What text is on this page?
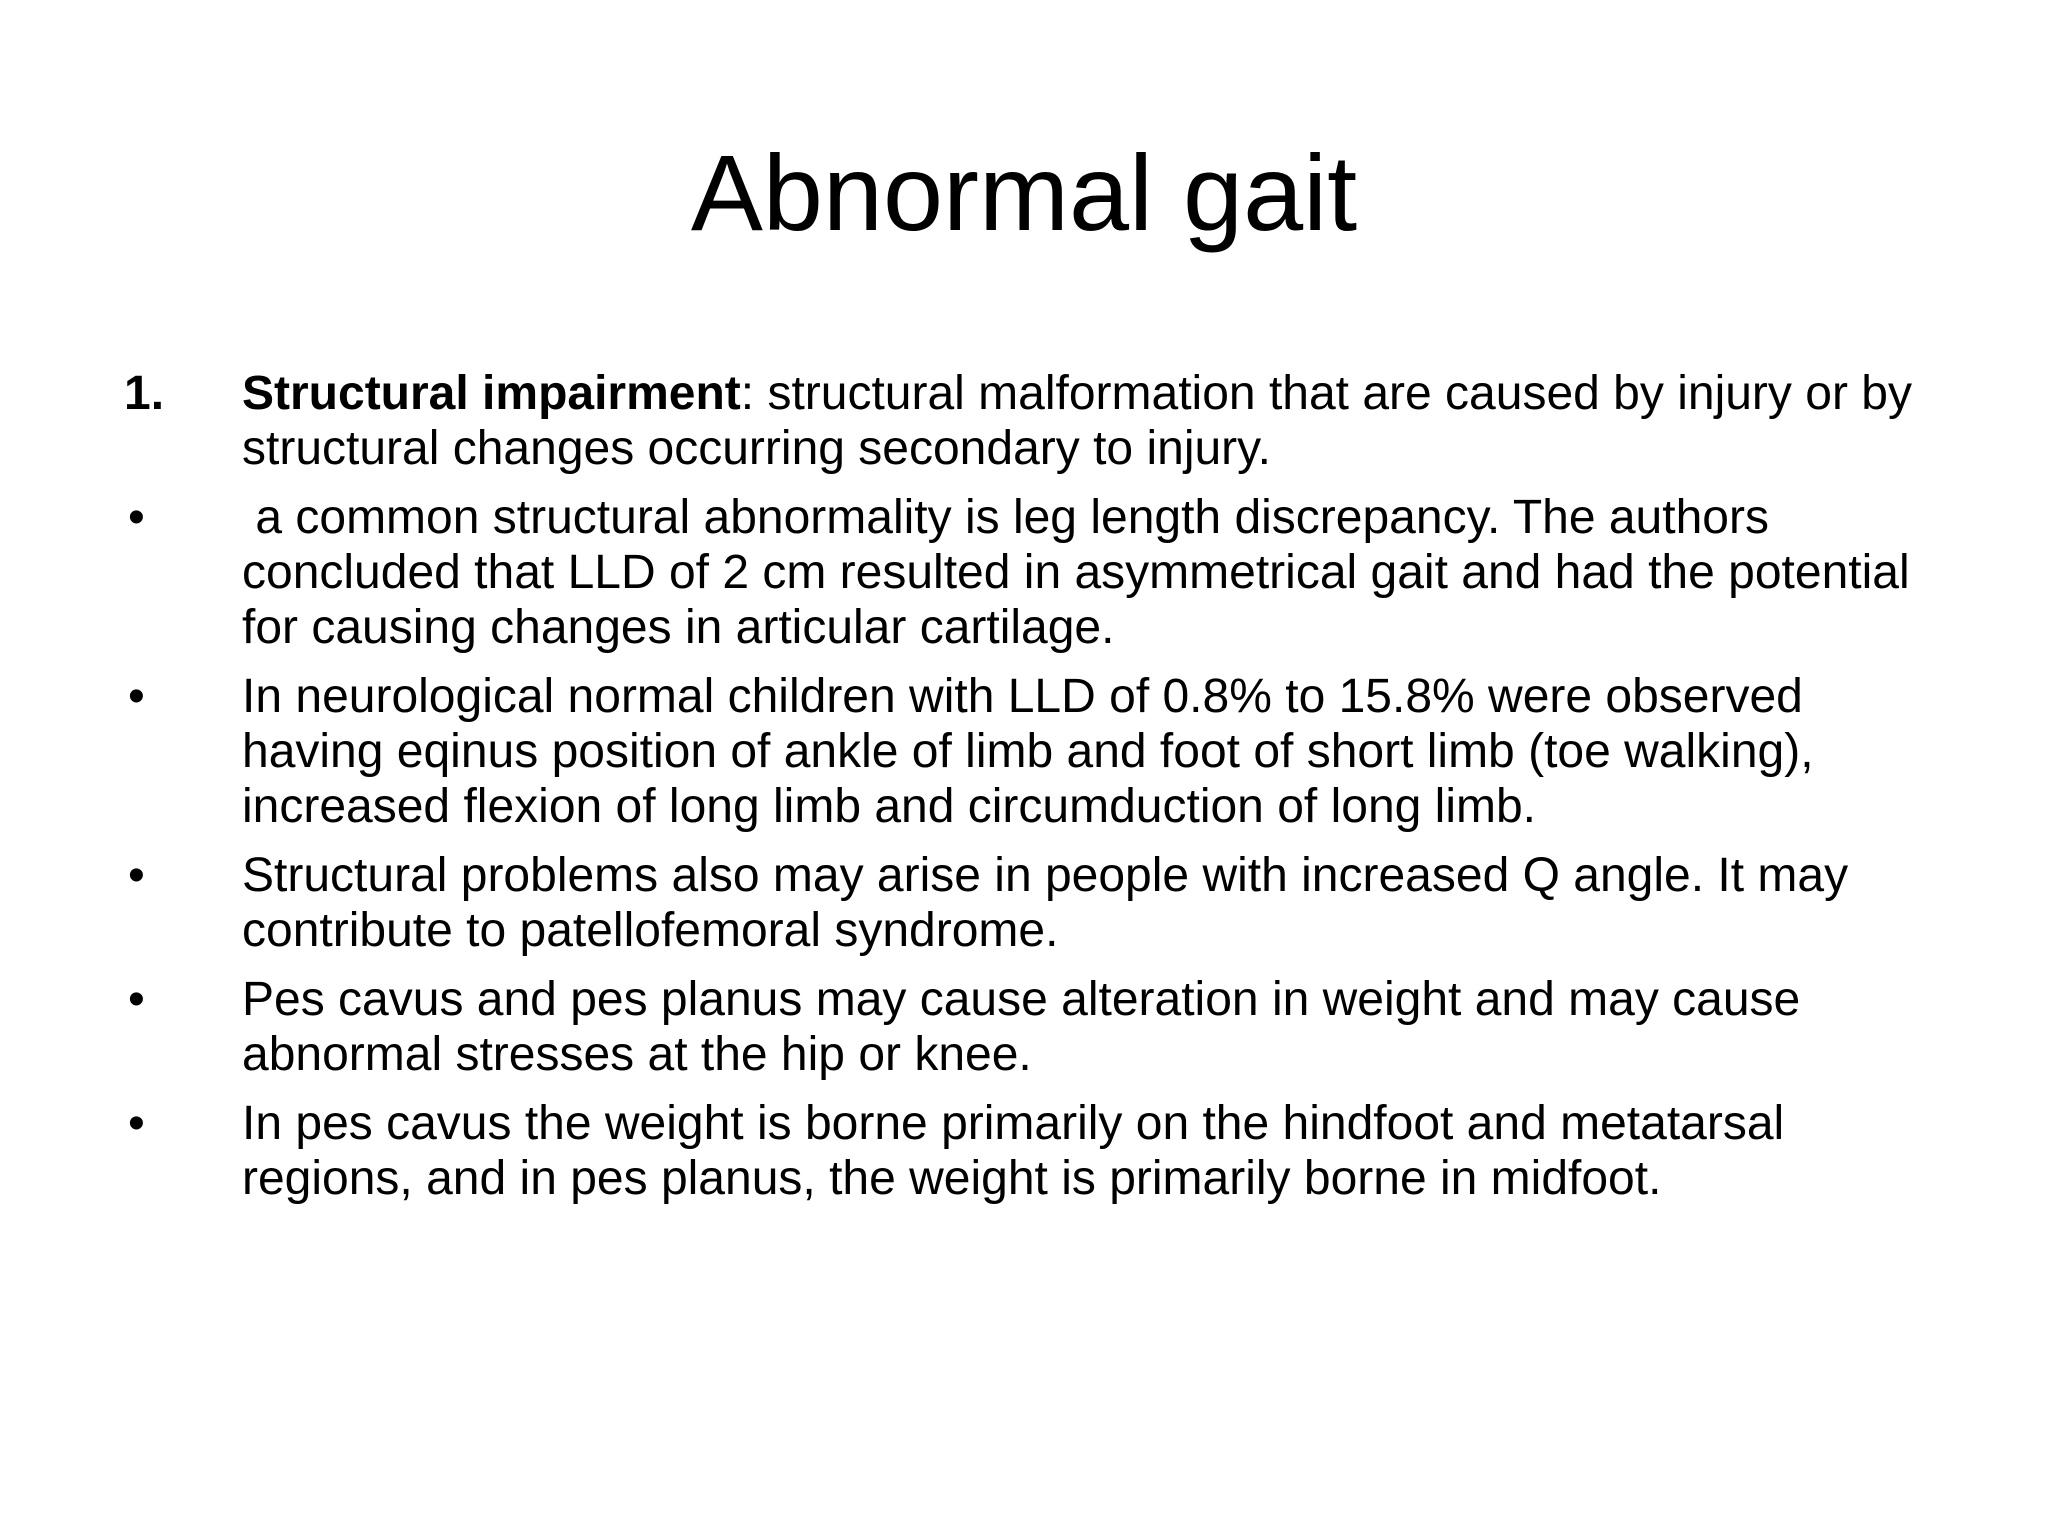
Abnormal gait
1.	Structural impairment: structural malformation that are caused by injury or by structural changes occurring secondary to injury.
•	a common structural abnormality is leg length discrepancy. The authors concluded that LLD of 2 cm resulted in asymmetrical gait and had the potential for causing changes in articular cartilage.
•	In neurological normal children with LLD of 0.8% to 15.8% were observed having eqinus position of ankle of limb and foot of short limb (toe walking), increased flexion of long limb and circumduction of long limb.
•	Structural problems also may arise in people with increased Q angle. It may contribute to patellofemoral syndrome.
•	Pes cavus and pes planus may cause alteration in weight and may cause abnormal stresses at the hip or knee.
•	In pes cavus the weight is borne primarily on the hindfoot and metatarsal regions, and in pes planus, the weight is primarily borne in midfoot.
